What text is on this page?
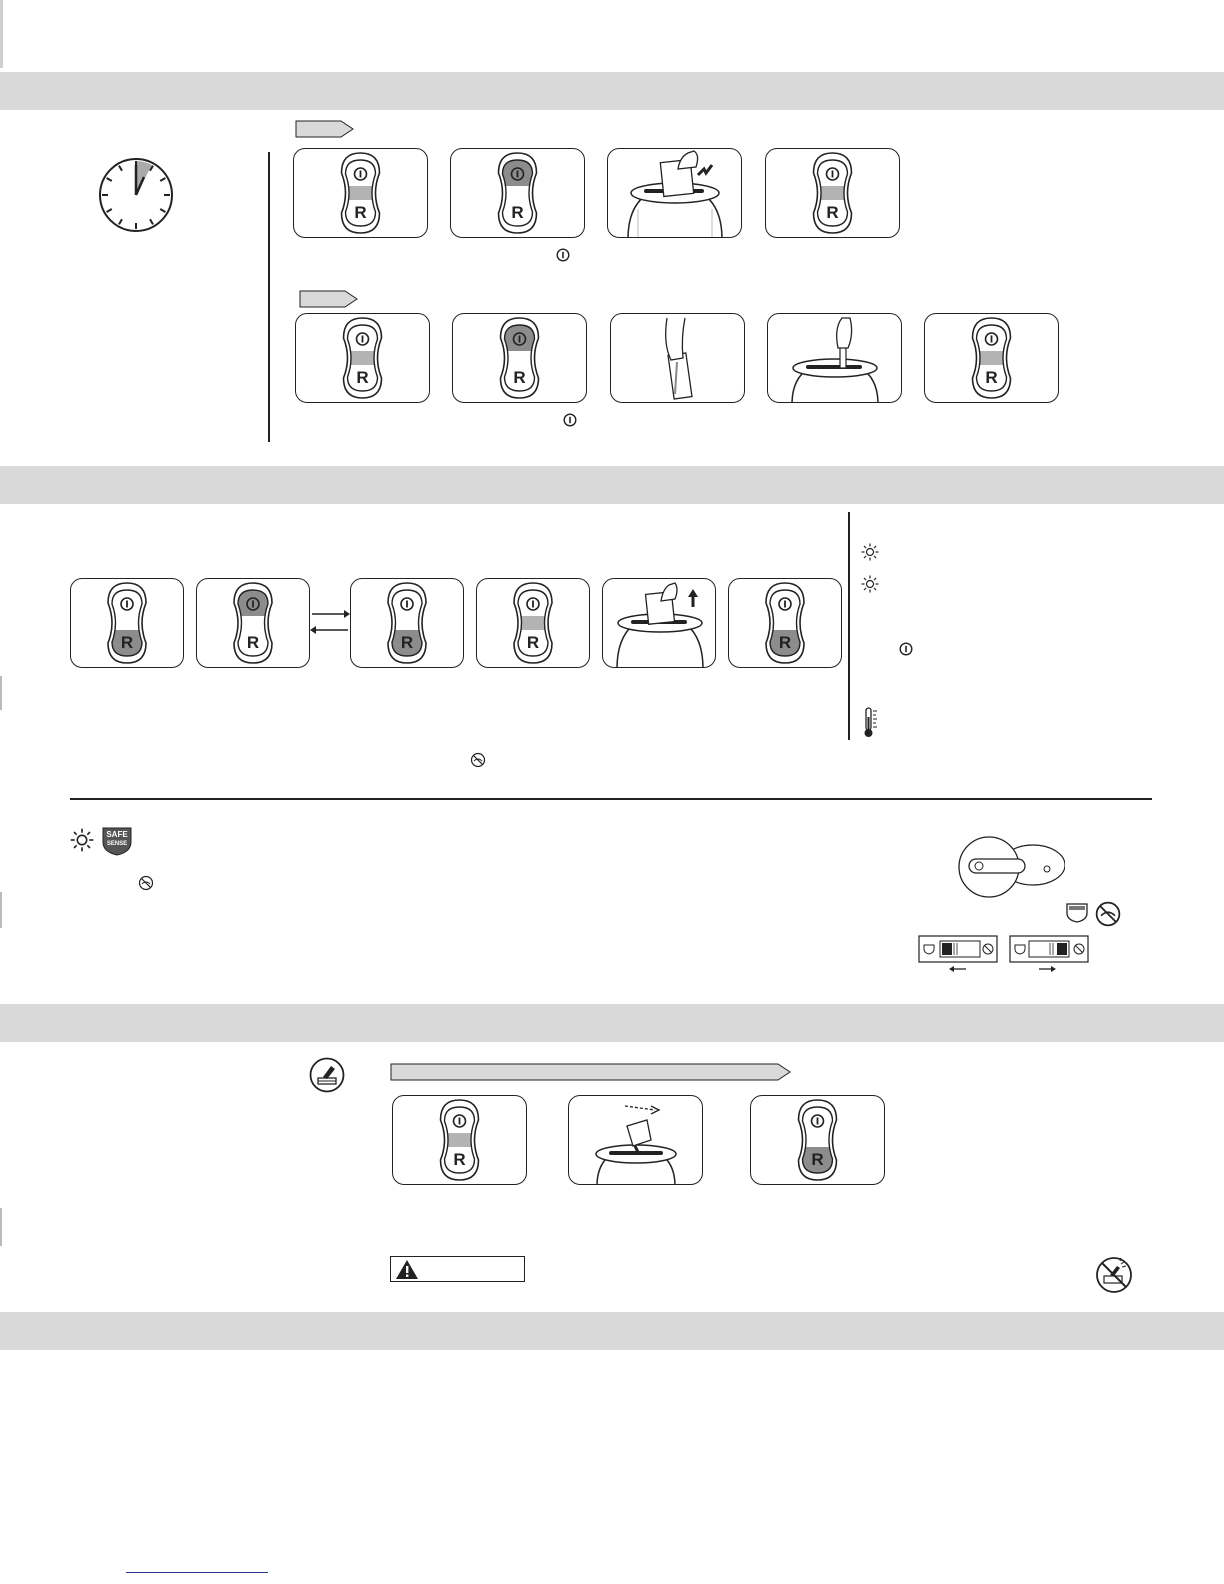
R	R	R
R	R	R
R	R	R	R	R
SAFE
SENSE
R	R
